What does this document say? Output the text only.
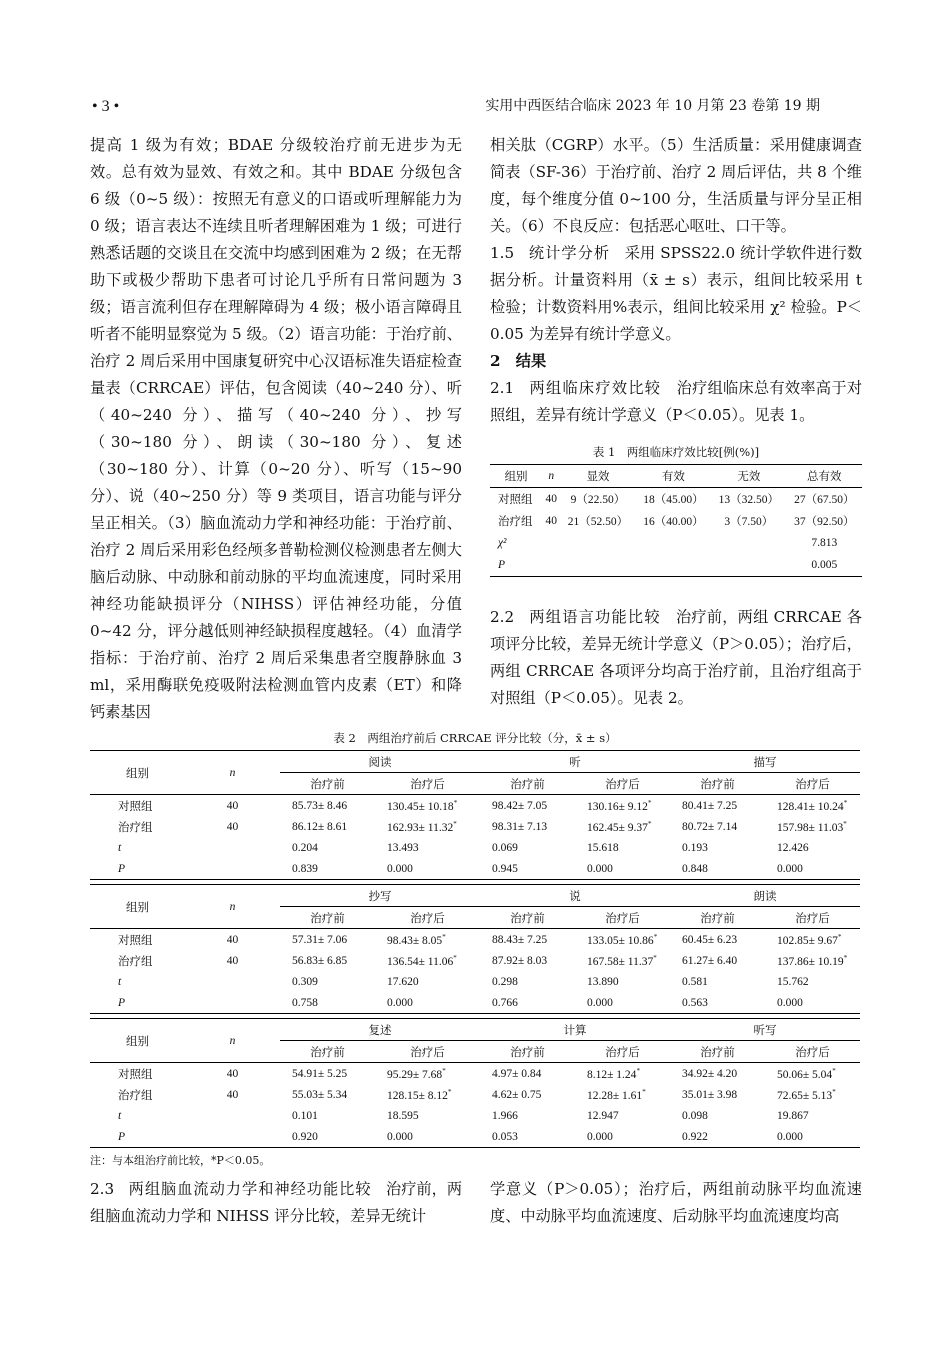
• 3 •	实用中西医结合临床 2023 年 10 月第 23 卷第 19 期

提高 1 级为有效；BDAE 分级较治疗前无进步为无效。总有效为显效、有效之和。其中 BDAE 分级包含 6 级（0~5 级）：按照无有意义的口语或听理解能力为 0 级；语言表达不连续且听者理解困难为 1 级；可进行熟悉话题的交谈且在交流中均感到困难为 2 级；在无帮助下或极少帮助下患者可讨论几乎所有日常问题为 3 级；语言流利但存在理解障碍为 4 级；极小语言障碍且听者不能明显察觉为 5 级。（2）语言功能：于治疗前、治疗 2 周后采用中国康复研究中心汉语标准失语症检查量表（CRRCAE）评估，包含阅读（40~240 分）、听（40~240 分）、描写（40~240 分）、抄写（30~180 分）、朗读（30~180 分）、复述（30~180 分）、计算（0~20 分）、听写（15~90 分）、说（40~250 分）等 9 类项目，语言功能与评分呈正相关。（3）脑血流动力学和神经功能：于治疗前、治疗 2 周后采用彩色经颅多普勒检测仪检测患者左侧大脑后动脉、中动脉和前动脉的平均血流速度，同时采用神经功能缺损评分（NIHSS）评估神经功能，分值 0~42 分，评分越低则神经缺损程度越轻。（4）血清学指标：于治疗前、治疗 2 周后采集患者空腹静脉血 3 ml，采用酶联免疫吸附法检测血管内皮素（ET）和降钙素基因

相关肽（CGRP）水平。（5）生活质量：采用健康调查简表（SF-36）于治疗前、治疗 2 周后评估，共 8 个维度，每个维度分值 0~100 分，生活质量与评分呈正相关。（6）不良反应：包括恶心呕吐、口干等。

1.5 统计学分析 采用 SPSS22.0 统计学软件进行数据分析。计量资料用（x̄ ± s）表示，组间比较采用 t 检验；计数资料用%表示，组间比较采用 χ² 检验。P＜0.05 为差异有统计学意义。

2　结果

2.1 两组临床疗效比较 治疗组临床总有效率高于对照组，差异有统计学意义（P＜0.05）。见表 1。

表 1　两组临床疗效比较[例(%)]
组别	n	显效	有效	无效	总有效
对照组	40	9（22.50）	18（45.00）	13（32.50）	27（67.50）
治疗组	40	21（52.50）	16（40.00）	3（7.50）	37（92.50）
χ²					7.813
P					0.005

2.2 两组语言功能比较 治疗前，两组 CRRCAE 各项评分比较，差异无统计学意义（P＞0.05）；治疗后，两组 CRRCAE 各项评分均高于治疗前，且治疗组高于对照组（P＜0.05）。见表 2。

表 2　两组治疗前后 CRRCAE 评分比较（分，x̄ ± s）
组别	n	阅读		听		描写	
		治疗前	治疗后	治疗前	治疗后	治疗前	治疗后
对照组	40	85.73± 8.46	130.45± 10.18*	98.42± 7.05	130.16± 9.12*	80.41± 7.25	128.41± 10.24*
治疗组	40	86.12± 8.61	162.93± 11.32*	98.31± 7.13	162.45± 9.37*	80.72± 7.14	157.98± 11.03*
t		0.204	13.493	0.069	15.618	0.193	12.426
P		0.839	0.000	0.945	0.000	0.848	0.000
组别	n	抄写		说		朗读	
		治疗前	治疗后	治疗前	治疗后	治疗前	治疗后
对照组	40	57.31± 7.06	98.43± 8.05*	88.43± 7.25	133.05± 10.86*	60.45± 6.23	102.85± 9.67*
治疗组	40	56.83± 6.85	136.54± 11.06*	87.92± 8.03	167.58± 11.37*	61.27± 6.40	137.86± 10.19*
t		0.309	17.620	0.298	13.890	0.581	15.762
P		0.758	0.000	0.766	0.000	0.563	0.000
组别	n	复述		计算		听写	
		治疗前	治疗后	治疗前	治疗后	治疗前	治疗后
对照组	40	54.91± 5.25	95.29± 7.68*	4.97± 0.84	8.12± 1.24*	34.92± 4.20	50.06± 5.04*
治疗组	40	55.03± 5.34	128.15± 8.12*	4.62± 0.75	12.28± 1.61*	35.01± 3.98	72.65± 5.13*
t		0.101	18.595	1.966	12.947	0.098	19.867
P		0.920	0.000	0.053	0.000	0.922	0.000
注：与本组治疗前比较，*P＜0.05。

2.3 两组脑血流动力学和神经功能比较 治疗前，两组脑血流动力学和 NIHSS 评分比较，差异无统计

学意义（P＞0.05）；治疗后，两组前动脉平均血流速度、中动脉平均血流速度、后动脉平均血流速度均高
